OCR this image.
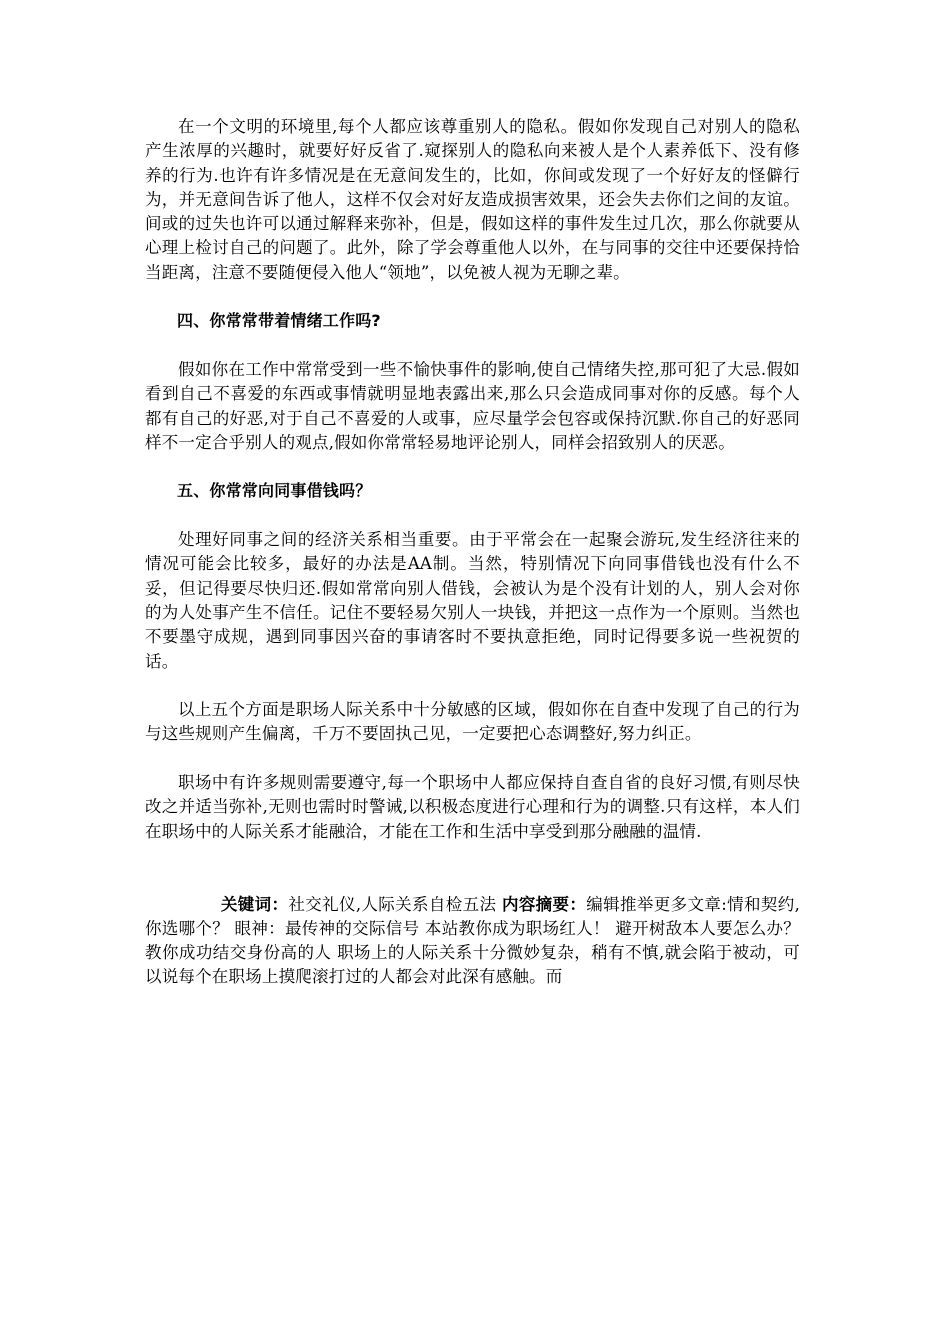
在一个文明的环境里,每个人都应该尊重别人的隐私。假如你发现自己对别人的隐私产生浓厚的兴趣时，就要好好反省了.窥探别人的隐私向来被人是个人素养低下、没有修养的行为.也许有许多情况是在无意间发生的，比如，你间或发现了一个好好友的怪僻行为，并无意间告诉了他人，这样不仅会对好友造成损害效果，还会失去你们之间的友谊。间或的过失也许可以通过解释来弥补，但是，假如这样的事件发生过几次，那么你就要从心理上检讨自己的问题了。此外，除了学会尊重他人以外，在与同事的交往中还要保持恰当距离，注意不要随便侵入他人“领地”，以免被人视为无聊之辈。

四、你常常带着情绪工作吗?

假如你在工作中常常受到一些不愉快事件的影响,使自己情绪失控,那可犯了大忌.假如看到自己不喜爱的东西或事情就明显地表露出来,那么只会造成同事对你的反感。每个人都有自己的好恶,对于自己不喜爱的人或事，应尽量学会包容或保持沉默.你自己的好恶同样不一定合乎别人的观点,假如你常常轻易地评论别人，同样会招致别人的厌恶。

五、你常常向同事借钱吗？

处理好同事之间的经济关系相当重要。由于平常会在一起聚会游玩,发生经济往来的情况可能会比较多，最好的办法是AA制。当然，特别情况下向同事借钱也没有什么不妥，但记得要尽快归还.假如常常向别人借钱，会被认为是个没有计划的人，别人会对你的为人处事产生不信任。记住不要轻易欠别人一块钱，并把这一点作为一个原则。当然也不要墨守成规，遇到同事因兴奋的事请客时不要执意拒绝，同时记得要多说一些祝贺的话。

以上五个方面是职场人际关系中十分敏感的区域，假如你在自查中发现了自己的行为与这些规则产生偏离，千万不要固执己见，一定要把心态调整好,努力纠正。

职场中有许多规则需要遵守,每一个职场中人都应保持自查自省的良好习惯,有则尽快改之并适当弥补,无则也需时时警诫,以积极态度进行心理和行为的调整.只有这样，本人们在职场中的人际关系才能融洽，才能在工作和生活中享受到那分融融的温情.

关键词：社交礼仪,人际关系自检五法 内容摘要：编辑推举更多文章:情和契约,你选哪个？ 眼神：最传神的交际信号 本站教你成为职场红人！ 避开树敌本人要怎么办？ 教你成功结交身份高的人 职场上的人际关系十分微妙复杂，稍有不慎,就会陷于被动，可以说每个在职场上摸爬滚打过的人都会对此深有感触。而
